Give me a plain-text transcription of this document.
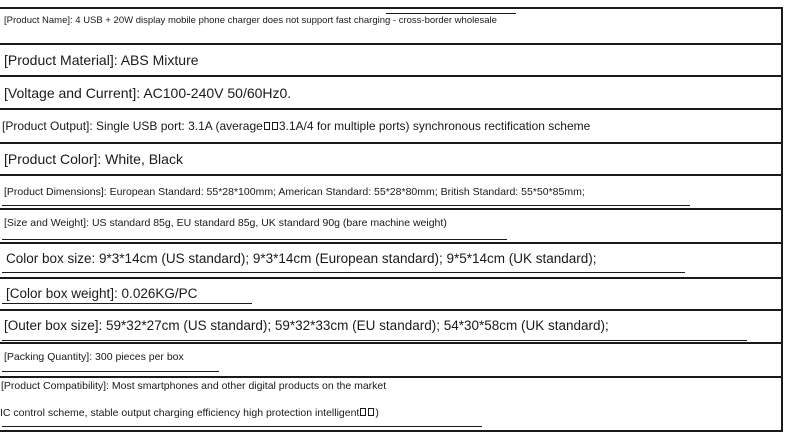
[Product Name]: 4 USB + 20W display mobile phone charger does not support fast charging - cross-border wholesale
[Product Material]: ABS Mixture
[Voltage and Current]: AC100-240V 50/60Hz0.
[Product Output]: Single USB port: 3.1A (average 3.1A/4 for multiple ports) synchronous rectification scheme
[Product Color]: White, Black
[Product Dimensions]: European Standard: 55*28*100mm; American Standard: 55*28*80mm; British Standard: 55*50*85mm;
[Size and Weight]: US standard 85g, EU standard 85g, UK standard 90g (bare machine weight)
Color box size: 9*3*14cm (US standard); 9*3*14cm (European standard); 9*5*14cm (UK standard);
[Color box weight]: 0.026KG/PC
[Outer box size]: 59*32*27cm (US standard); 59*32*33cm (EU standard); 54*30*58cm (UK standard);
[Packing Quantity]: 300 pieces per box
[Product Compatibility]: Most smartphones and other digital products on the market
IC control scheme, stable output charging efficiency high protection intelligent )
